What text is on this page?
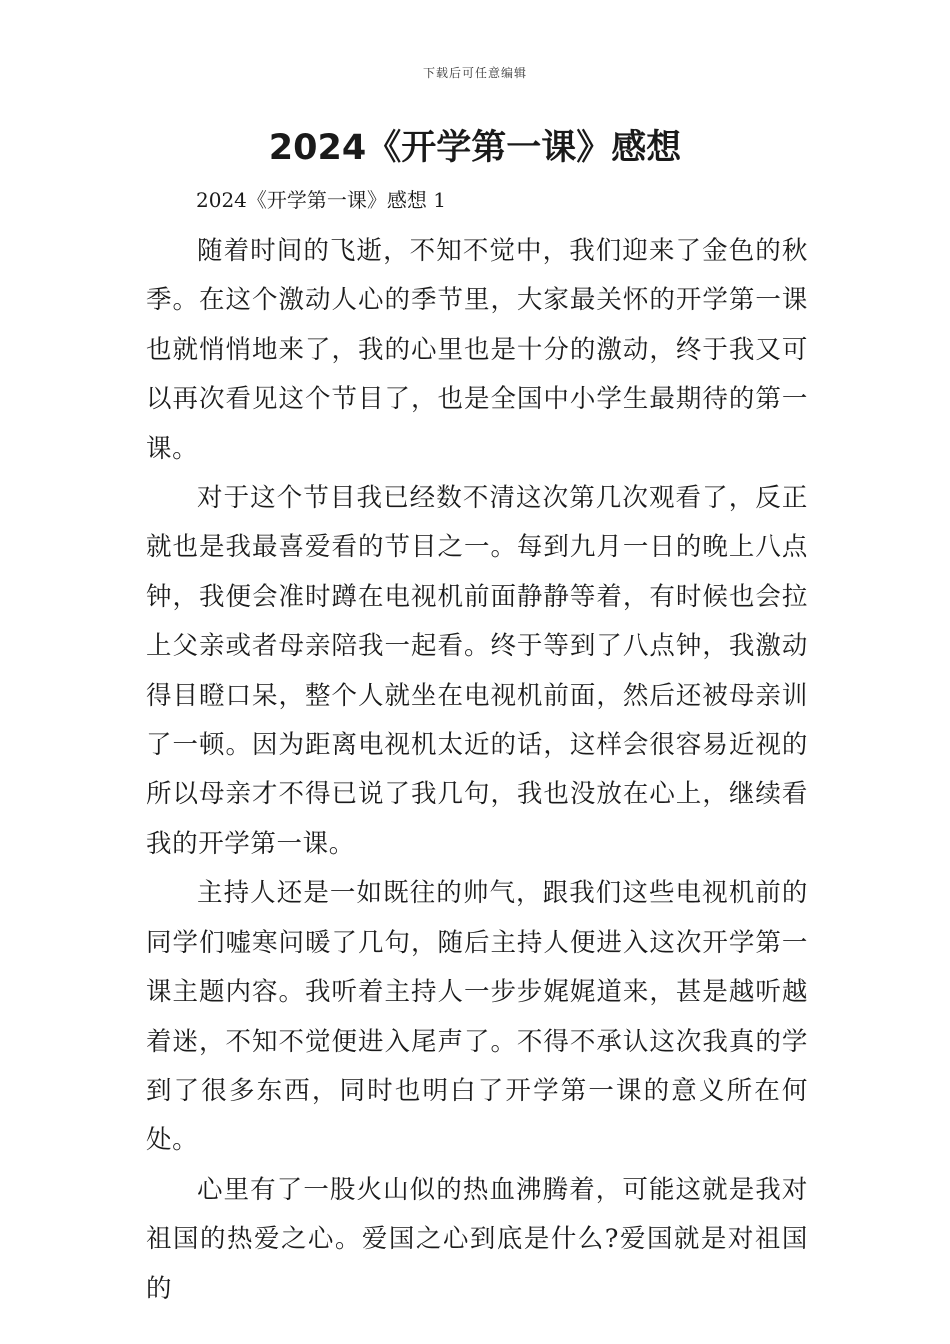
下载后可任意编辑
2024《开学第一课》感想

2024《开学第一课》感想 1

随着时间的飞逝，不知不觉中，我们迎来了金色的秋季。在这个激动人心的季节里，大家最关怀的开学第一课也就悄悄地来了，我的心里也是十分的激动，终于我又可以再次看见这个节目了，也是全国中小学生最期待的第一课。

对于这个节目我已经数不清这次第几次观看了，反正就也是我最喜爱看的节目之一。每到九月一日的晚上八点钟，我便会准时蹲在电视机前面静静等着，有时候也会拉上父亲或者母亲陪我一起看。终于等到了八点钟，我激动得目瞪口呆，整个人就坐在电视机前面，然后还被母亲训了一顿。因为距离电视机太近的话，这样会很容易近视的所以母亲才不得已说了我几句，我也没放在心上，继续看我的开学第一课。

主持人还是一如既往的帅气，跟我们这些电视机前的同学们嘘寒问暖了几句，随后主持人便进入这次开学第一课主题内容。我听着主持人一步步娓娓道来，甚是越听越着迷，不知不觉便进入尾声了。不得不承认这次我真的学到了很多东西，同时也明白了开学第一课的意义所在何处。

心里有了一股火山似的热血沸腾着，可能这就是我对祖国的热爱之心。爱国之心到底是什么?爱国就是对祖国的
